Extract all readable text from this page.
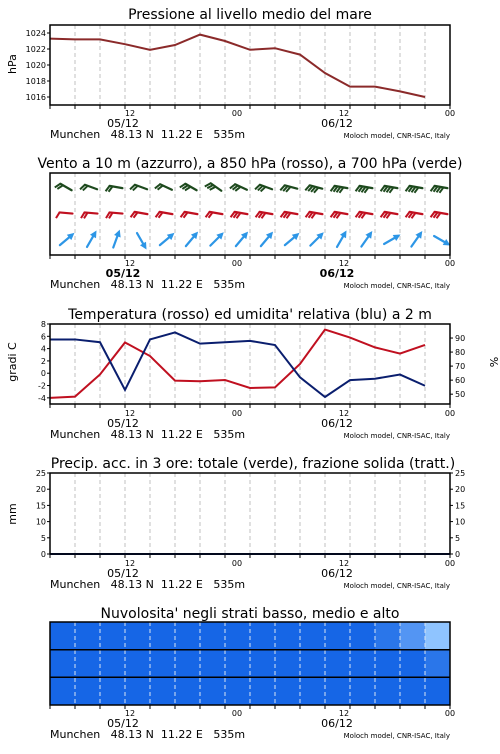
Pressione al livello medio del mare
hPa
1016
1018
1020
1022
1024
12	00	12	00
05/12	06/12
Munchen   48.13 N  11.22 E   535m	Moloch model, CNR-ISAC, Italy
Vento a 10 m (azzurro), a 850 hPa (rosso), a 700 hPa (verde)
12	00	12	00
05/12	06/12
Munchen   48.13 N  11.22 E   535m	Moloch model, CNR-ISAC, Italy
Temperatura (rosso) ed umidita' relativa (blu) a 2 m
gradi C	%
-4
-2
0
2
4
6
8
50
60
70
80
90
12	00	12	00
05/12	06/12
Munchen   48.13 N  11.22 E   535m	Moloch model, CNR-ISAC, Italy
Precip. acc. in 3 ore: totale (verde), frazione solida (tratt.)
mm
0
5
10
15
20
25
0
5
10
15
20
25
12	00	12	00
05/12	06/12
Munchen   48.13 N  11.22 E   535m	Moloch model, CNR-ISAC, Italy
Nuvolosita' negli strati basso, medio e alto
12	00	12	00
05/12	06/12
Munchen   48.13 N  11.22 E   535m	Moloch model, CNR-ISAC, Italy
